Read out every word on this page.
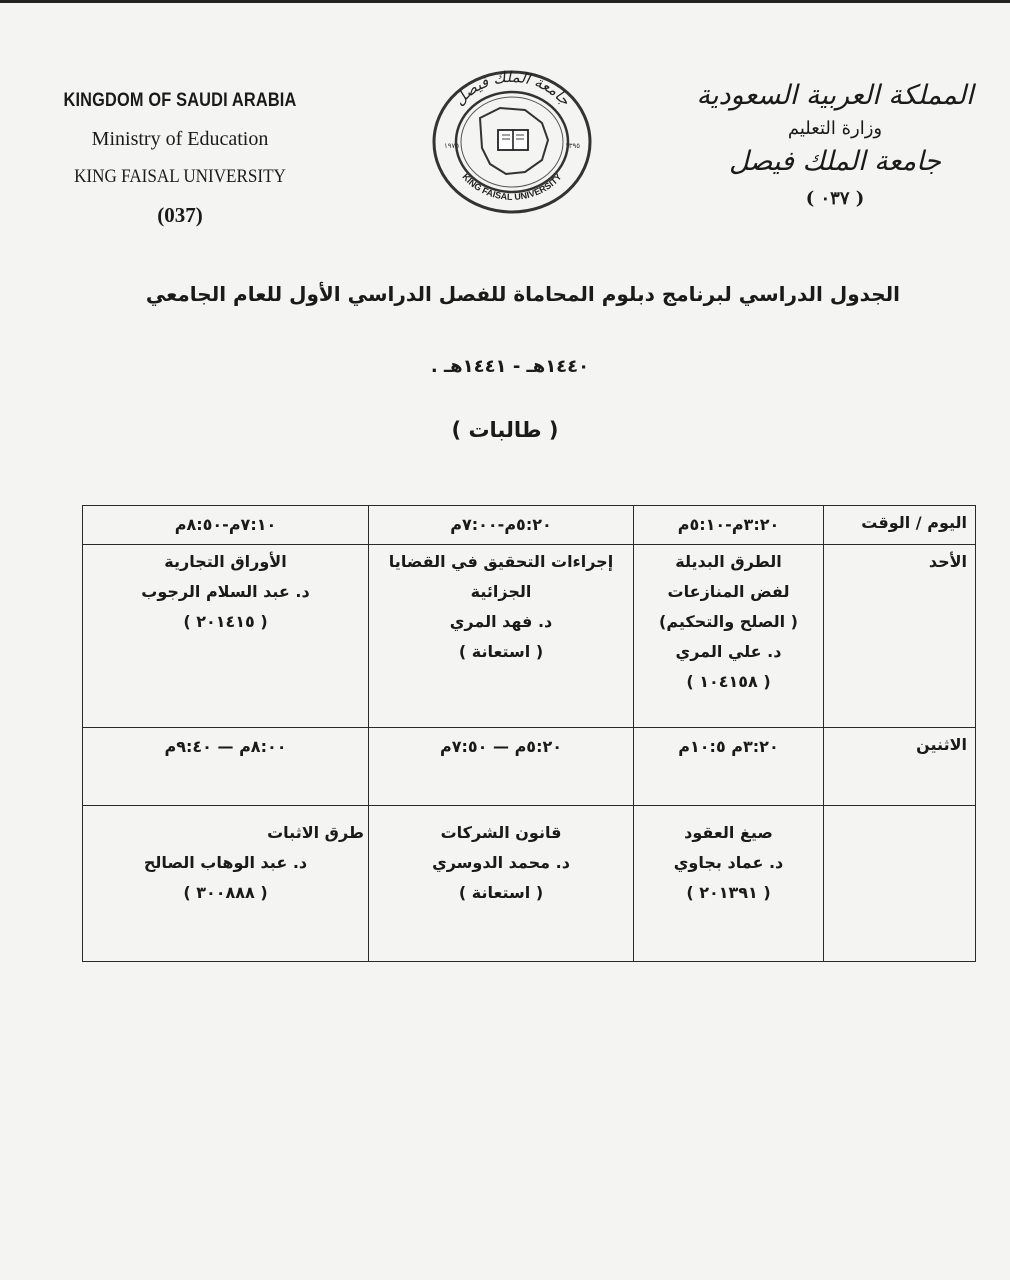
KINGDOM OF SAUDI ARABIA
Ministry of Education
KING FAISAL UNIVERSITY
(037)
جامعة الملك فيصل
KING FAISAL UNIVERSITY
١٩٧٥	١٣٩٥
المملكة العربية السعودية
وزارة التعليم
جامعة الملك فيصل
( ٠٣٧ )
الجدول الدراسي لبرنامج دبلوم المحاماة للفصل الدراسي الأول للعام الجامعي
١٤٤٠هـ - ١٤٤١هـ .
( طالبات )
اليوم / الوقت	٣:٢٠م-٥:١٠م	٥:٢٠م-٧:٠٠م	٧:١٠م-٨:٥٠م
الأحد	الطرق البديلة
لفض المنازعات
( الصلح والتحكيم)
د. علي المري
( ١٠٤١٥٨ )	إجراءات التحقيق في القضايا
الجزائية
د. فهد المري
( استعانة )	الأوراق التجارية
د. عبد السلام الرجوب
( ٢٠١٤١٥ )

الاثنين	٣:٢٠م ١٠:٥م	٥:٢٠م — ٧:٥٠م	٨:٠٠م — ٩:٤٠م

	صيغ العقود
د. عماد بجاوي
( ٢٠١٣٩١ )	قانون الشركات
د. محمد الدوسري
( استعانة )	طرق الاثبات
د. عبد الوهاب الصالح
( ٣٠٠٨٨٨ )
